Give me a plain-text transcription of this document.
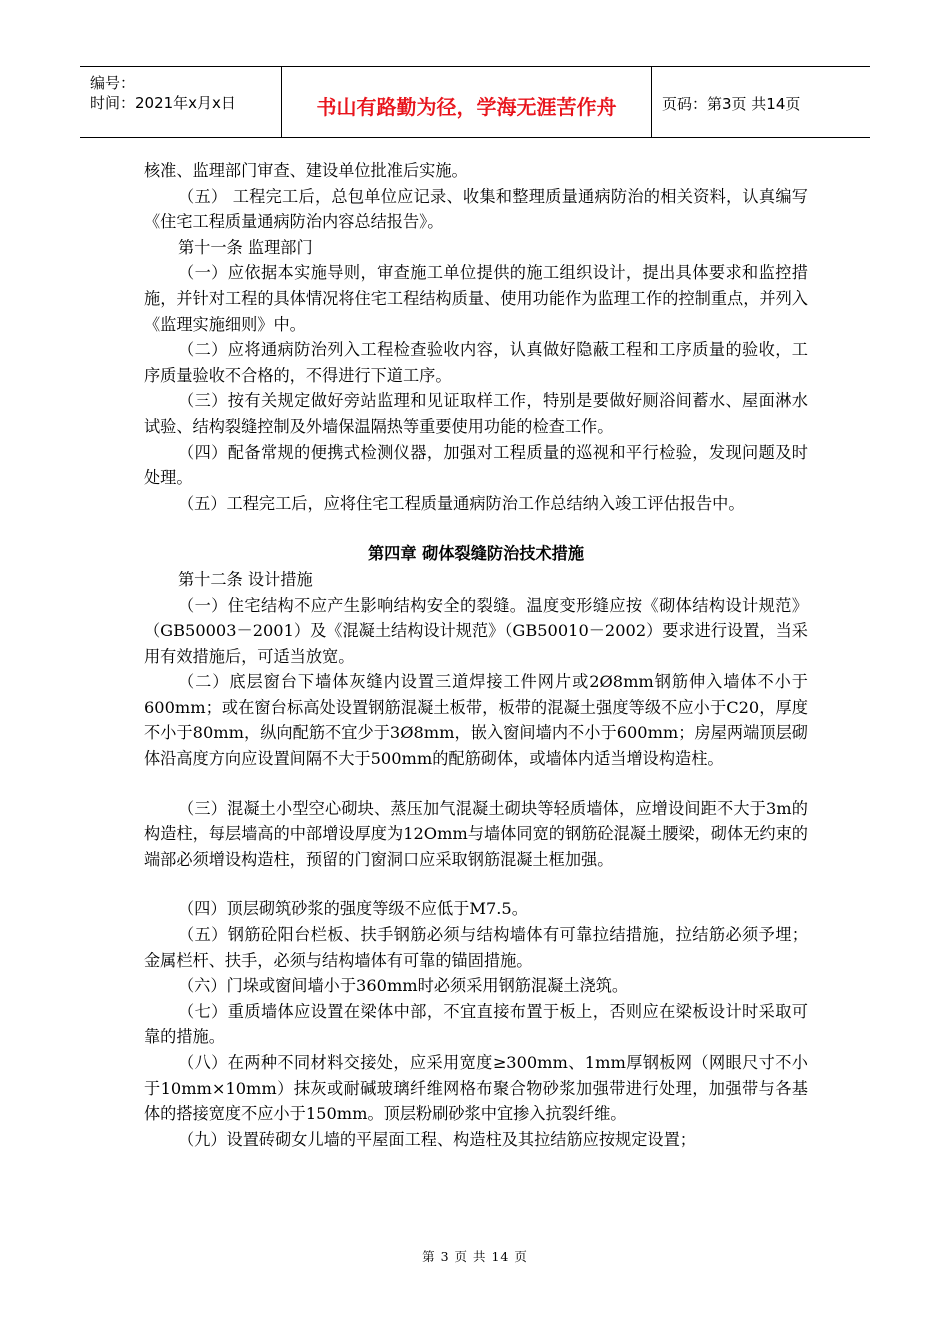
编号：
时间：2021年x月x日	书山有路勤为径，学海无涯苦作舟	页码：第3页 共14页

核准、监理部门审查、建设单位批准后实施。

（五） 工程完工后，总包单位应记录、收集和整理质量通病防治的相关资料，认真编写《住宅工程质量通病防治内容总结报告》。

第十一条 监理部门

（一）应依据本实施导则，审查施工单位提供的施工组织设计，提出具体要求和监控措施，并针对工程的具体情况将住宅工程结构质量、使用功能作为监理工作的控制重点，并列入《监理实施细则》中。

（二）应将通病防治列入工程检查验收内容，认真做好隐蔽工程和工序质量的验收，工序质量验收不合格的，不得进行下道工序。

（三）按有关规定做好旁站监理和见证取样工作，特别是要做好厕浴间蓄水、屋面淋水试验、结构裂缝控制及外墙保温隔热等重要使用功能的检查工作。

（四）配备常规的便携式检测仪器，加强对工程质量的巡视和平行检验，发现问题及时处理。

（五）工程完工后，应将住宅工程质量通病防治工作总结纳入竣工评估报告中。

第四章 砌体裂缝防治技术措施

第十二条 设计措施

（一）住宅结构不应产生影响结构安全的裂缝。温度变形缝应按《砌体结构设计规范》（GB50003－2001）及《混凝土结构设计规范》（GB50010－2002）要求进行设置，当采用有效措施后，可适当放宽。

（二）底层窗台下墙体灰缝内设置三道焊接工件网片或2Ø8mm钢筋伸入墙体不小于600mm；或在窗台标高处设置钢筋混凝土板带，板带的混凝土强度等级不应小于C20，厚度不小于80mm，纵向配筋不宜少于3Ø8mm，嵌入窗间墙内不小于600mm；房屋两端顶层砌体沿高度方向应设置间隔不大于500mm的配筋砌体，或墙体内适当增设构造柱。

（三）混凝土小型空心砌块、蒸压加气混凝土砌块等轻质墙体，应增设间距不大于3m的构造柱，每层墙高的中部增设厚度为12Omm与墙体同宽的钢筋砼混凝土腰梁，砌体无约束的端部必须增设构造柱，预留的门窗洞口应采取钢筋混凝土框加强。

（四）顶层砌筑砂浆的强度等级不应低于M7.5。

（五）钢筋砼阳台栏板、扶手钢筋必须与结构墙体有可靠拉结措施，拉结筋必须予埋；金属栏杆、扶手，必须与结构墙体有可靠的锚固措施。

（六）门垛或窗间墙小于360mm时必须采用钢筋混凝土浇筑。

（七）重质墙体应设置在梁体中部，不宜直接布置于板上，否则应在梁板设计时采取可靠的措施。

（八）在两种不同材料交接处，应采用宽度≥300mm、1mm厚钢板网（网眼尺寸不小于10mm×10mm）抹灰或耐碱玻璃纤维网格布聚合物砂浆加强带进行处理，加强带与各基体的搭接宽度不应小于150mm。顶层粉刷砂浆中宜掺入抗裂纤维。

（九）设置砖砌女儿墙的平屋面工程、构造柱及其拉结筋应按规定设置；

第 3 页 共 14 页
